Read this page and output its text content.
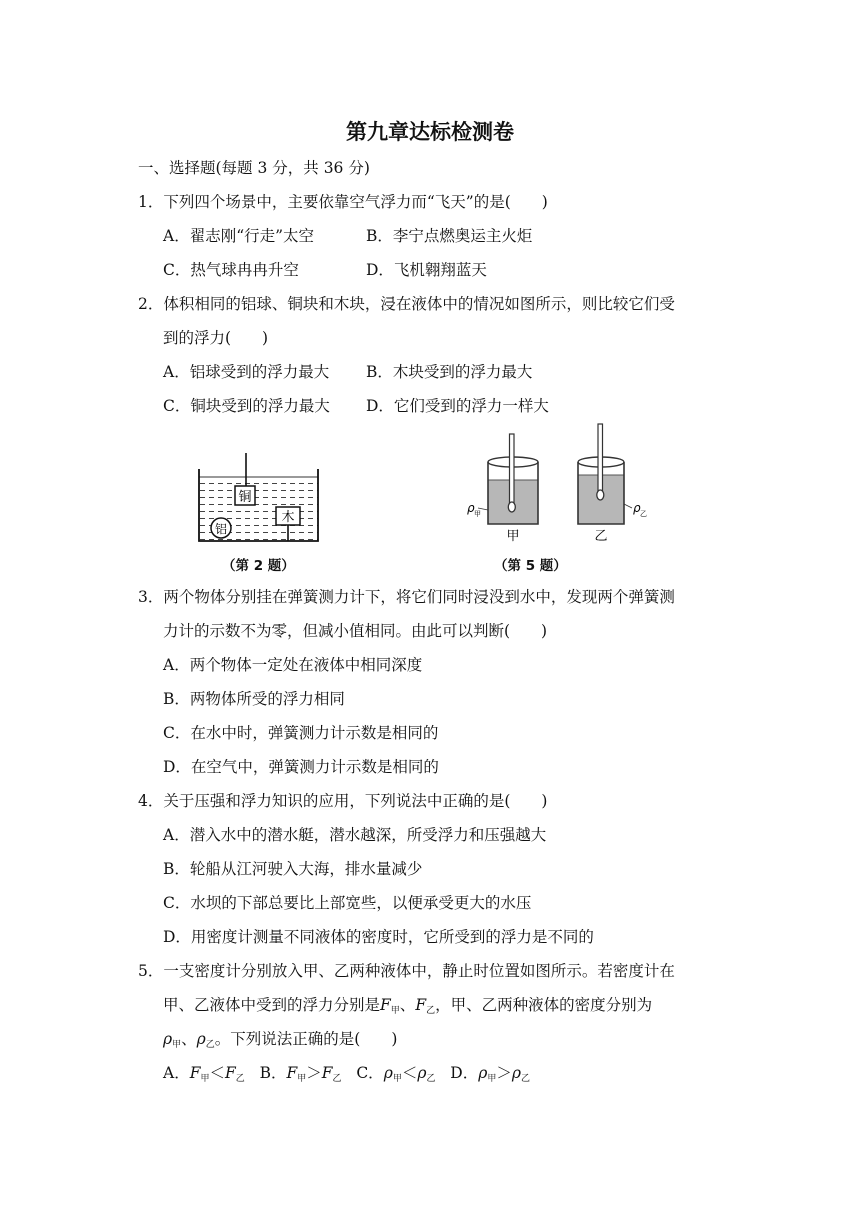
第九章达标检测卷
一、选择题(每题 3 分，共 36 分)
1．下列四个场景中，主要依靠空气浮力而“飞天”的是(　　)
A．翟志刚“行走”太空	B．李宁点燃奥运主火炬
C．热气球冉冉升空	D．飞机翱翔蓝天
2．体积相同的铝球、铜块和木块，浸在液体中的情况如图所示，则比较它们受
到的浮力(　　)
A．铝球受到的浮力最大 B．木块受到的浮力最大
C．铜块受到的浮力最大 D．它们受到的浮力一样大
铜
铝
木
（第 2 题）
ρ 甲
甲
ρ 乙
乙
（第 5 题）
3．两个物体分别挂在弹簧测力计下，将它们同时浸没到水中，发现两个弹簧测
力计的示数不为零，但减小值相同。由此可以判断(　　)
A．两个物体一定处在液体中相同深度
B．两物体所受的浮力相同
C．在水中时，弹簧测力计示数是相同的
D．在空气中，弹簧测力计示数是相同的
4．关于压强和浮力知识的应用，下列说法中正确的是(　　)
A．潜入水中的潜水艇，潜水越深，所受浮力和压强越大
B．轮船从江河驶入大海，排水量减少
C．水坝的下部总要比上部宽些，以便承受更大的水压
D．用密度计测量不同液体的密度时，它所受到的浮力是不同的
5．一支密度计分别放入甲、乙两种液体中，静止时位置如图所示。若密度计在
甲、乙液体中受到的浮力分别是$F_甲$、$F_乙$，甲、乙两种液体的密度分别为
$\rho_甲$、$\rho_乙$。下列说法正确的是(　　)
A．$F_甲<F_乙$ B．$F_甲>F_乙$ C．$\rho_甲<\rho_乙$ D．$\rho_甲>\rho_乙$
